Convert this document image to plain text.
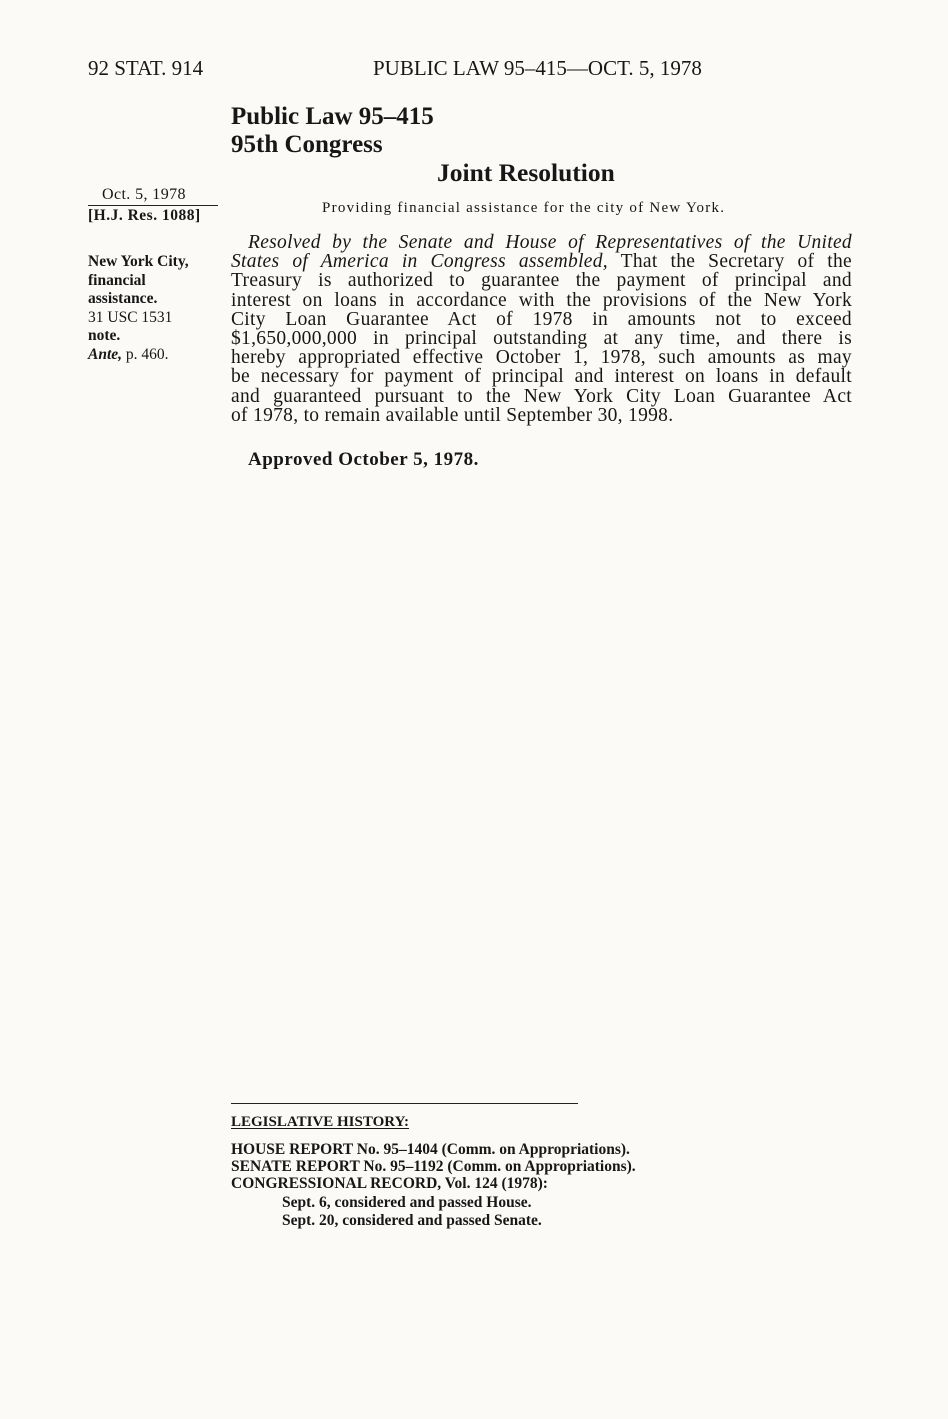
92 STAT. 914	PUBLIC LAW 95–415—OCT. 5, 1978
Public Law 95–415
95th Congress
Joint Resolution
Providing financial assistance for the city of New York.
Oct. 5, 1978
[H.J. Res. 1088]
New York City,
financial
assistance.
31 USC 1531
note.
Ante, p. 460.
Resolved by the Senate and House of Representatives of the United
States of America in Congress assembled, That the Secretary of the
Treasury is authorized to guarantee the payment of principal and
interest on loans in accordance with the provisions of the New York
City Loan Guarantee Act of 1978 in amounts not to exceed
$1,650,000,000 in principal outstanding at any time, and there is
hereby appropriated effective October 1, 1978, such amounts as may
be necessary for payment of principal and interest on loans in default
and guaranteed pursuant to the New York City Loan Guarantee Act
of 1978, to remain available until September 30, 1998.
Approved October 5, 1978.
LEGISLATIVE HISTORY:
HOUSE REPORT No. 95–1404 (Comm. on Appropriations).
SENATE REPORT No. 95–1192 (Comm. on Appropriations).
CONGRESSIONAL RECORD, Vol. 124 (1978):
Sept. 6, considered and passed House.
Sept. 20, considered and passed Senate.
